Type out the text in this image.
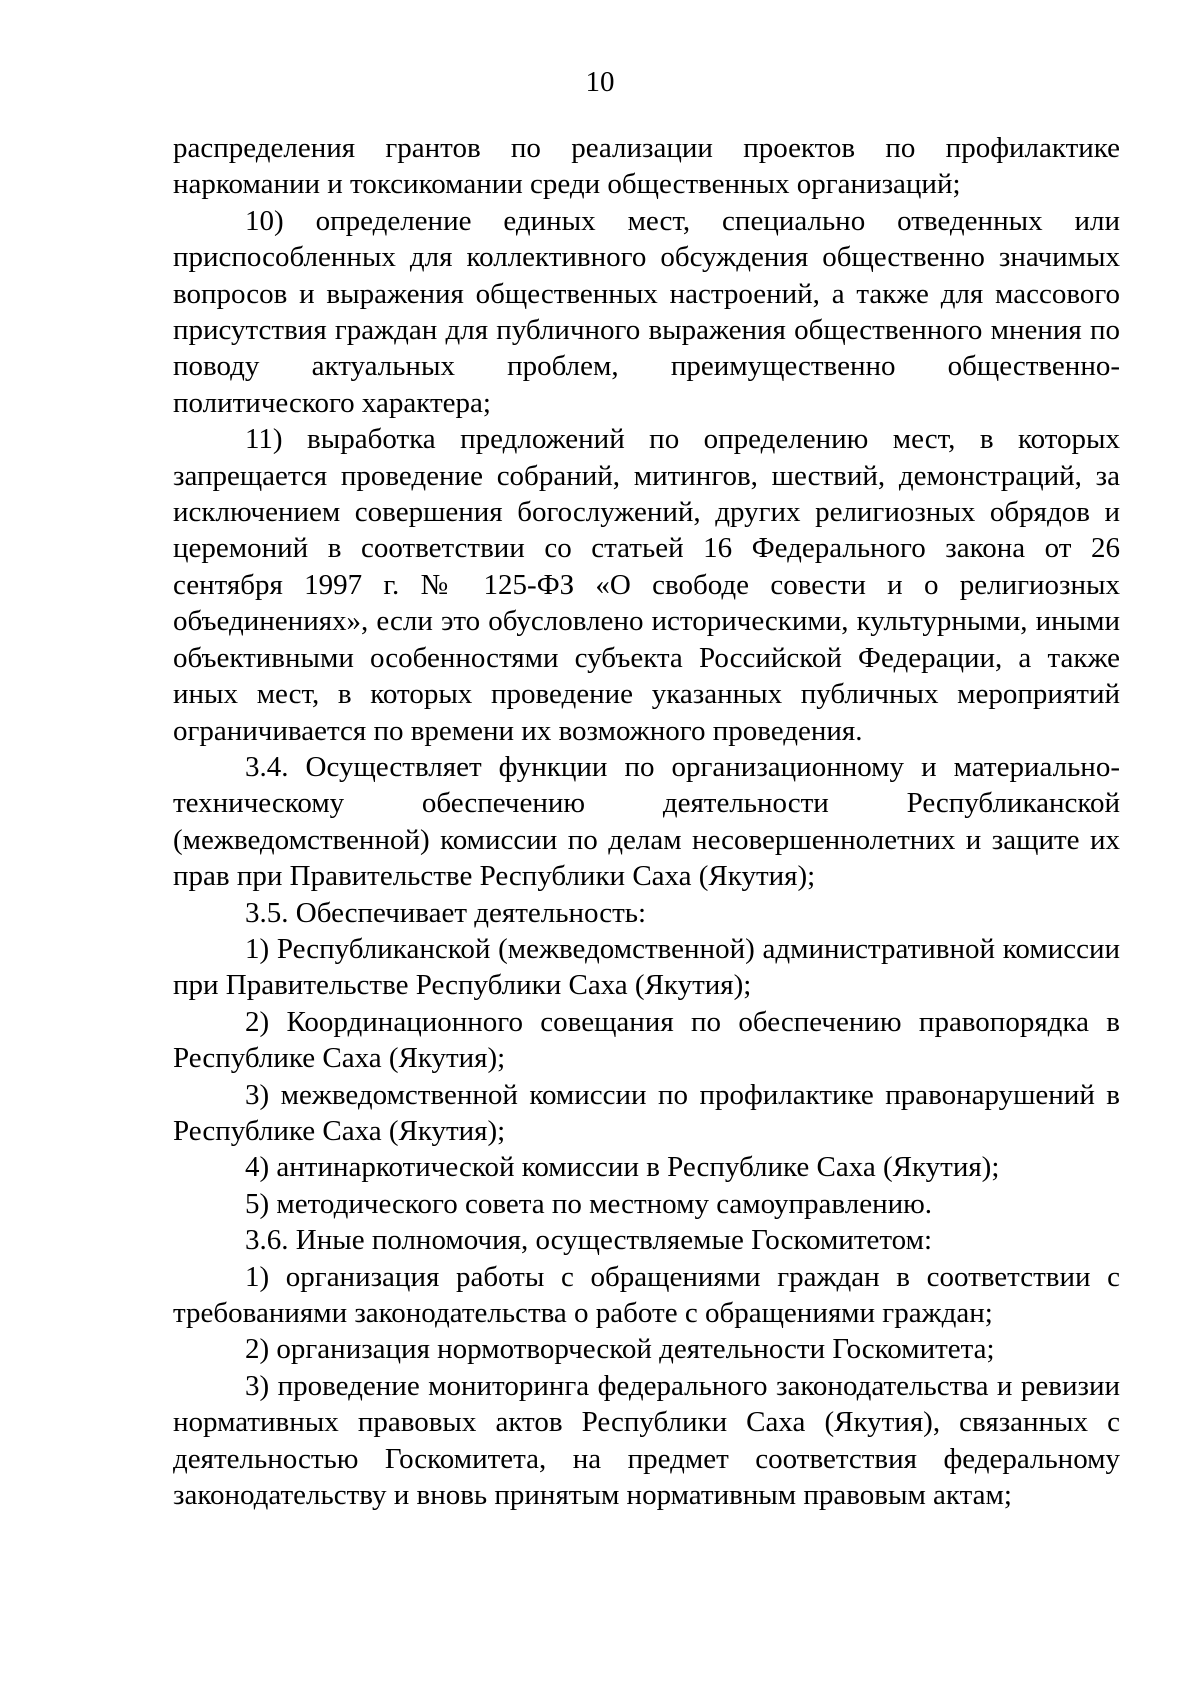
10

распределения грантов по реализации проектов по профилактике наркомании и токсикомании среди общественных организаций;

10) определение единых мест, специально отведенных или приспособленных для коллективного обсуждения общественно значимых вопросов и выражения общественных настроений, а также для массового присутствия граждан для публичного выражения общественного мнения по поводу актуальных проблем, преимущественно общественно-политического характера;

11) выработка предложений по определению мест, в которых запрещается проведение собраний, митингов, шествий, демонстраций, за исключением совершения богослужений, других религиозных обрядов и церемоний в соответствии со статьей 16 Федерального закона от 26 сентября 1997 г. № 125-ФЗ «О свободе совести и о религиозных объединениях», если это обусловлено историческими, культурными, иными объективными особенностями субъекта Российской Федерации, а также иных мест, в которых проведение указанных публичных мероприятий ограничивается по времени их возможного проведения.

3.4. Осуществляет функции по организационному и материально-техническому обеспечению деятельности Республиканской (межведомственной) комиссии по делам несовершеннолетних и защите их прав при Правительстве Республики Саха (Якутия);

3.5. Обеспечивает деятельность:

1) Республиканской (межведомственной) административной комиссии при Правительстве Республики Саха (Якутия);

2) Координационного совещания по обеспечению правопорядка в Республике Саха (Якутия);

3) межведомственной комиссии по профилактике правонарушений в Республике Саха (Якутия);

4) антинаркотической комиссии в Республике Саха (Якутия);

5) методического совета по местному самоуправлению.

3.6. Иные полномочия, осуществляемые Госкомитетом:

1) организация работы с обращениями граждан в соответствии с требованиями законодательства о работе с обращениями граждан;

2) организация нормотворческой деятельности Госкомитета;

3) проведение мониторинга федерального законодательства и ревизии нормативных правовых актов Республики Саха (Якутия), связанных с деятельностью Госкомитета, на предмет соответствия федеральному законодательству и вновь принятым нормативным правовым актам;
